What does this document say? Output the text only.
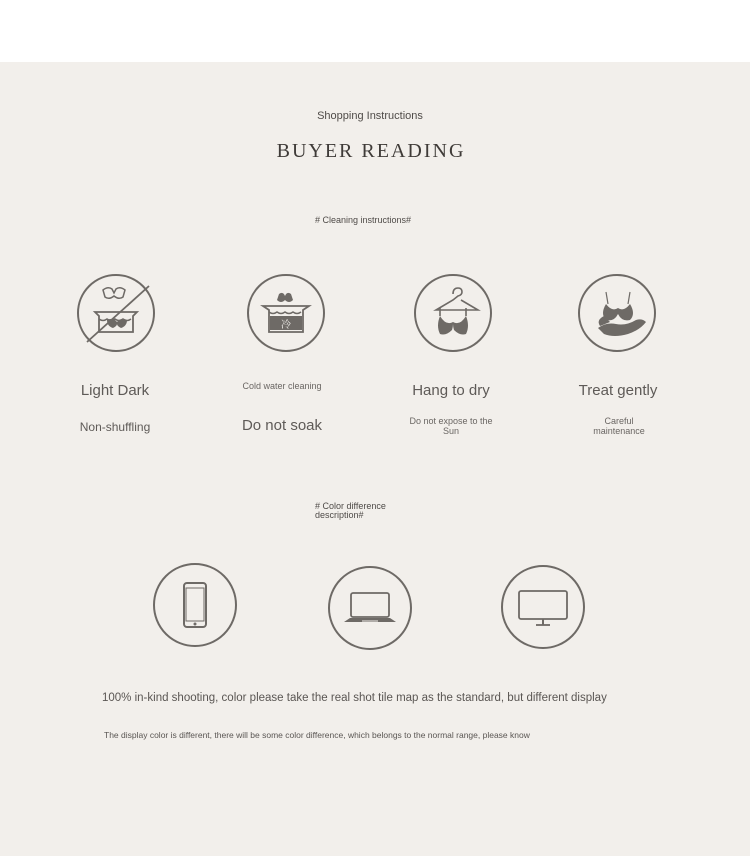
Shopping Instructions
BUYER READING
# Cleaning instructions#
Light Dark
Non-shuffling
冷
Cold water cleaning
Do not soak
Hang to dry
Do not expose to the Sun
Treat gently
Careful maintenance
# Color difference description#
100% in-kind shooting, color please take the real shot tile map as the standard, but different display
The display color is different, there will be some color difference, which belongs to the normal range, please know
